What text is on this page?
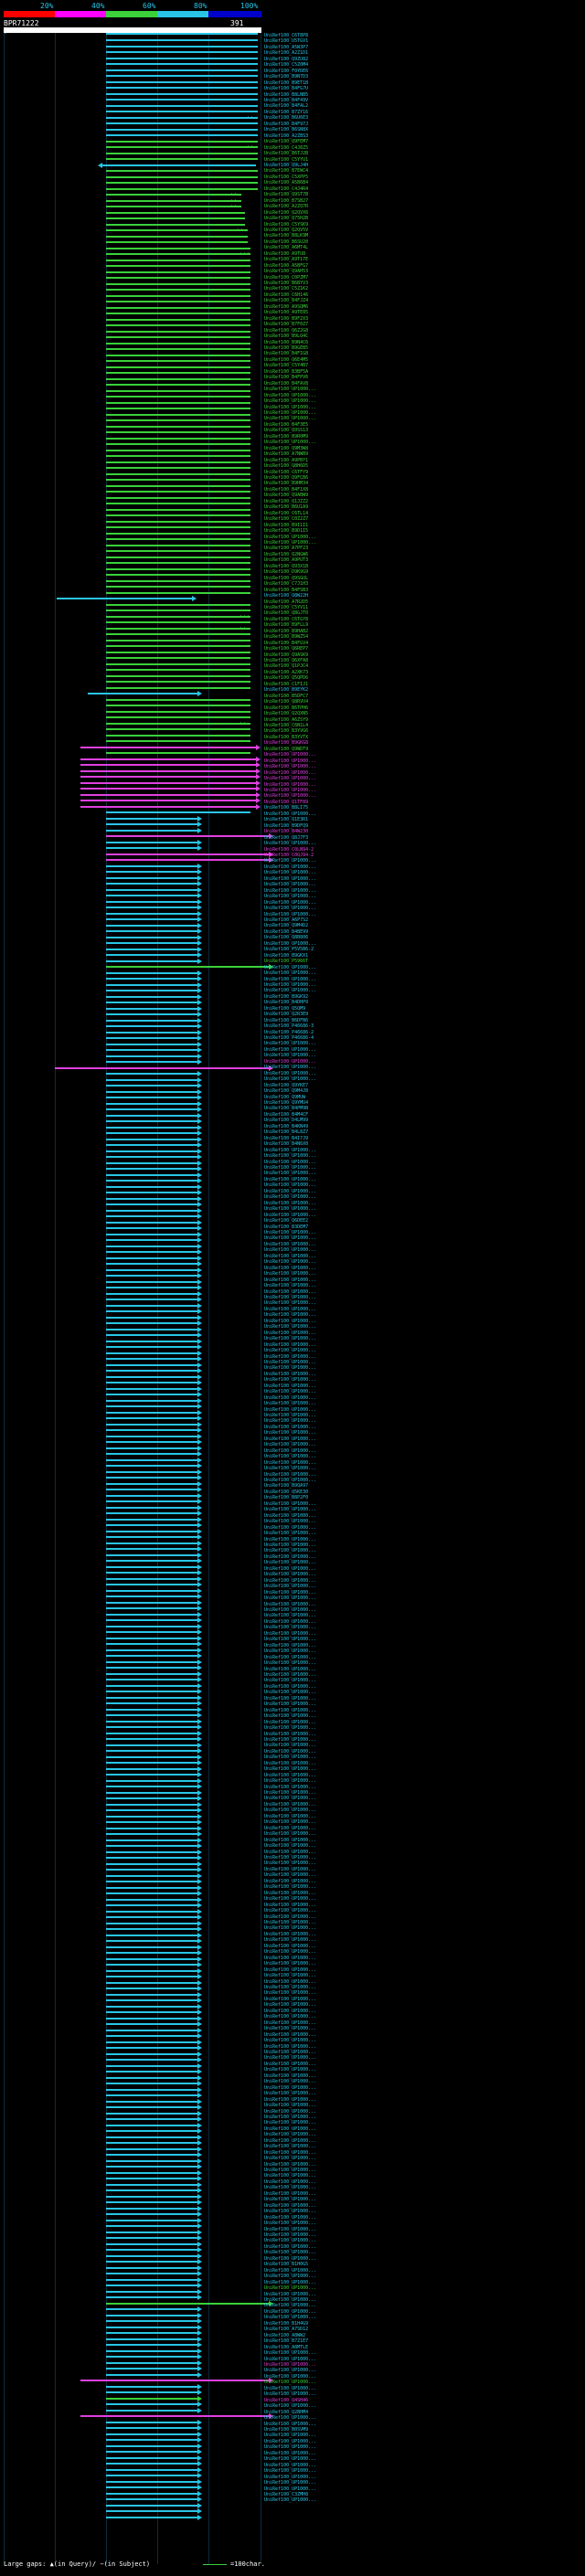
20%	40%	60%	80%	100%
BPR71222	391
::
::
::
::
::
::
:::
:::
::
::
UniRef100_C6T8P8
UniRef100_U5TGV1
UniRef100_A5W3P7
UniRef100_A2Z1D1
UniRef100_Q9ZU82
UniRef100_C5Z0M4
UniRef100_F0YDE6
UniRef100_B9N7D3
UniRef100_B9ET1B
UniRef100_B4FG7U
UniRef100_B8LNB5
UniRef100_B4F49V
UniRef100_B4FAL2
UniRef100_B7ZY16
UniRef100_B6U6E3
UniRef100_B4F97J
UniRef100_B6SN8X
UniRef100_A2ZBS3
UniRef100_Q9FEM7
UniRef100_C4J8Z5
UniRef100_B6TJ2B
UniRef100_C5YYU1
UniRef100_Q9LJ4H
UniRef100_B7EWC4
UniRef100_C5XPP5
UniRef100_A5B6B4
UniRef100_C4J4R4
UniRef100_Q9ST7B
UniRef100_B7SB27
UniRef100_A2ZQ7R
UniRef100_Q2QVX6
UniRef100_Q75H2B
UniRef100_C5YSK9
UniRef100_Q2QV5V
UniRef100_B8LK9M
UniRef100_B6SU20
UniRef100_A6MT4L
UniRef100_A9TU8
UniRef100_A9T17E
UniRef100_A5BFG7
UniRef100_Q9AH53
UniRef100_C0PZM7
UniRef100_B6BYV3
UniRef100_C5Z1K2
UniRef100_C6H146
UniRef100_B4FJZ4
UniRef100_A9SQM6
UniRef100_A9TE85
UniRef100_B9F2X3
UniRef100_B7F0Z7
UniRef100_Q6Z2G8
UniRef100_B9LQ4C
UniRef100_B9N4C6
UniRef100_B9GEB5
UniRef100_B4FIG8
UniRef100_Q6E4M5
UniRef100_C5Y4B7
UniRef100_B3BF5A
UniRef100_B4FPV6
UniRef100_B4FAV8
UniRef100_UP1000...
UniRef100_UP1000...
UniRef100_UP1000...
UniRef100_UP1000...
UniRef100_UP1000...
UniRef100_UP1000...
UniRef100_B4F3E5
UniRef100_Q9SS13
UniRef100_B9R0M9
UniRef100_UP1000...
UniRef100_Q9M3W8
UniRef100_A7NWB9
UniRef100_A9PBY1
UniRef100_Q8H6D5
UniRef100_C6TFY9
UniRef100_Q9FCB6
UniRef100_B9HM34
UniRef100_B4F1X8
UniRef100_Q9ABW9
UniRef100_Q1JZZ2
UniRef100_B6U1A9
UniRef100_C6TL14
UniRef100_C0Z2Z7
UniRef100_B9I1I1
UniRef100_B9D1I5
UniRef100_UP1000...
UniRef100_UP1000...
UniRef100_A7PF23
UniRef100_Q2NGW6
UniRef100_A9PUT3
UniRef100_Q93X1B
UniRef100_D9K9G9
UniRef100_Q9SGUL
UniRef100_C7J1H3
UniRef100_B4FSB3
UniRef100_Q8W22H
UniRef100_A7R2D5
UniRef100_C5YV11
UniRef100_Q8GJT0
UniRef100_C6TGY8
UniRef100_B9FLL9
UniRef100_B9HAB2
UniRef100_B9WZ54
UniRef100_B4FGV4
UniRef100_Q6REP7
UniRef100_Q9ASK9
UniRef100_Q6XFA8
UniRef100_Q1PJC4
UniRef100_A2XK73
UniRef100_Q5QPD6
UniRef100_C1FIJ1
UniRef100_B9EYK2
UniRef100_B5DFC7
UniRef100_Q8RVU4
UniRef100_B6TPH6
UniRef100_Q2QXN5
UniRef100_A6ZSY9
UniRef100_C6N1L4
UniRef100_B3YVG6
UniRef100_B3YVTX
UniRef100_B9GKG8
UniRef100_Q9WDT9
UniRef100_UP1000...
UniRef100_UP1000...
UniRef100_UP1000...
UniRef100_UP1000...
UniRef100_UP1000...
UniRef100_UP1000...
UniRef100_UP1000...
UniRef100_UP1000...
UniRef100_Q1TF89
UniRef100_B8LI75
UniRef100_UP1000...
UniRef100_Q1E3R1
UniRef100_B9DFQ9
UniRef100_B4W230
UniRef100_Q8J7F3
UniRef100_UP1000...
UniRef100_C0LN94-2
UniRef100_C0QJ94-2
UniRef100_UP1000...
UniRef100_UP1000...
UniRef100_UP1000...
UniRef100_UP1000...
UniRef100_UP1000...
UniRef100_UP1000...
UniRef100_UP1000...
UniRef100_UP1000...
UniRef100_UP1000...
UniRef100_UP1000...
UniRef100_A6P7S2
UniRef100_Q9M4D2
UniRef100_B4BE99
UniRef100_Q8B806
UniRef100_UP1000...
UniRef100_P5V5B6-2
UniRef100_B9GKX1
UniRef100_P5966T
UniRef100_UP1000...
UniRef100_UP1000...
UniRef100_UP1000...
UniRef100_UP1000...
UniRef100_UP1000...
UniRef100_B9GK92
UniRef100_B4DHP9
UniRef100_Q5QM9
UniRef100_Q2R3E9
UniRef100_B6DFB6
UniRef100_P46686-3
UniRef100_P46686-2
UniRef100_P46686-4
UniRef100_UP1000...
UniRef100_UP1000...
UniRef100_UP1000...
UniRef100_UP1000...
UniRef100_UP1000...
UniRef100_UP1000...
UniRef100_UP1000...
UniRef100_Q9YKE7
UniRef100_Q9M4J8
UniRef100_Q9MUW
UniRef100_Q9YMU4
UniRef100_B4PM9B
UniRef100_B4M4CF
UniRef100_D4LM99
UniRef100_B4KN49
UniRef100_B4L8Z7
UniRef100_B4I7J9
UniRef100_B4N6X0
UniRef100_UP1000...
UniRef100_UP1000...
UniRef100_UP1000...
UniRef100_UP1000...
UniRef100_UP1000...
UniRef100_UP1000...
UniRef100_UP1000...
UniRef100_UP1000...
UniRef100_UP1000...
UniRef100_UP1000...
UniRef100_UP1000...
UniRef100_UP1000...
UniRef100_Q6DEE2
UniRef100_B3DEM7
UniRef100_UP1000...
UniRef100_UP1000...
UniRef100_UP1000...
UniRef100_UP1000...
UniRef100_UP1000...
UniRef100_UP1000...
UniRef100_UP1000...
UniRef100_UP1000...
UniRef100_UP1000...
UniRef100_UP1000...
UniRef100_UP1000...
UniRef100_UP1000...
UniRef100_UP1000...
UniRef100_UP1000...
UniRef100_UP1000...
UniRef100_UP1000...
UniRef100_UP1000...
UniRef100_UP1000...
UniRef100_UP1000...
UniRef100_UP1000...
UniRef100_UP1000...
UniRef100_UP1000...
UniRef100_UP1000...
UniRef100_UP1000...
UniRef100_UP1000...
UniRef100_UP1000...
UniRef100_UP1000...
UniRef100_UP1000...
UniRef100_UP1000...
UniRef100_UP1000...
UniRef100_UP1000...
UniRef100_UP1000...
UniRef100_UP1000...
UniRef100_UP1000...
UniRef100_UP1000...
UniRef100_UP1000...
UniRef100_UP1000...
UniRef100_UP1000...
UniRef100_UP1000...
UniRef100_UP1000...
UniRef100_UP1000...
UniRef100_UP1000...
UniRef100_UP1000...
UniRef100_B9QA97
UniRef100_Q5KE30
UniRef100_B8P2F0
UniRef100_UP1000...
UniRef100_UP1000...
UniRef100_UP1000...
UniRef100_UP1000...
UniRef100_UP1000...
UniRef100_UP1000...
UniRef100_UP1000...
UniRef100_UP1000...
UniRef100_UP1000...
UniRef100_UP1000...
UniRef100_UP1000...
UniRef100_UP1000...
UniRef100_UP1000...
UniRef100_UP1000...
UniRef100_UP1000...
UniRef100_UP1000...
UniRef100_UP1000...
UniRef100_UP1000...
UniRef100_UP1000...
UniRef100_UP1000...
UniRef100_UP1000...
UniRef100_UP1000...
UniRef100_UP1000...
UniRef100_UP1000...
UniRef100_UP1000...
UniRef100_UP1000...
UniRef100_UP1000...
UniRef100_UP1000...
UniRef100_UP1000...
UniRef100_UP1000...
UniRef100_UP1000...
UniRef100_UP1000...
UniRef100_UP1000...
UniRef100_UP1000...
UniRef100_UP1000...
UniRef100_UP1000...
UniRef100_UP1000...
UniRef100_UP1000...
UniRef100_UP1000...
UniRef100_UP1000...
UniRef100_UP1000...
UniRef100_UP1000...
UniRef100_UP1000...
UniRef100_UP1000...
UniRef100_UP1000...
UniRef100_UP1000...
UniRef100_UP1000...
UniRef100_UP1000...
UniRef100_UP1000...
UniRef100_UP1000...
UniRef100_UP1000...
UniRef100_UP1000...
UniRef100_UP1000...
UniRef100_UP1000...
UniRef100_UP1000...
UniRef100_UP1000...
UniRef100_UP1000...
UniRef100_UP1000...
UniRef100_UP1000...
UniRef100_UP1000...
UniRef100_UP1000...
UniRef100_UP1000...
UniRef100_UP1000...
UniRef100_UP1000...
UniRef100_UP1000...
UniRef100_UP1000...
UniRef100_UP1000...
UniRef100_UP1000...
UniRef100_UP1000...
UniRef100_UP1000...
UniRef100_UP1000...
UniRef100_UP1000...
UniRef100_UP1000...
UniRef100_UP1000...
UniRef100_UP1000...
UniRef100_UP1000...
UniRef100_UP1000...
UniRef100_UP1000...
UniRef100_UP1000...
UniRef100_UP1000...
UniRef100_UP1000...
UniRef100_UP1000...
UniRef100_UP1000...
UniRef100_UP1000...
UniRef100_UP1000...
UniRef100_UP1000...
UniRef100_UP1000...
UniRef100_UP1000...
UniRef100_UP1000...
UniRef100_UP1000...
UniRef100_UP1000...
UniRef100_UP1000...
UniRef100_UP1000...
UniRef100_UP1000...
UniRef100_UP1000...
UniRef100_UP1000...
UniRef100_UP1000...
UniRef100_UP1000...
UniRef100_UP1000...
UniRef100_UP1000...
UniRef100_UP1000...
UniRef100_UP1000...
UniRef100_UP1000...
UniRef100_UP1000...
UniRef100_UP1000...
UniRef100_UP1000...
UniRef100_UP1000...
UniRef100_UP1000...
UniRef100_UP1000...
UniRef100_UP1000...
UniRef100_UP1000...
UniRef100_UP1000...
UniRef100_UP1000...
UniRef100_UP1000...
UniRef100_UP1000...
UniRef100_UP1000...
UniRef100_UP1000...
UniRef100_UP1000...
UniRef100_UP1000...
UniRef100_UP1000...
UniRef100_UP1000...
UniRef100_UP1000...
UniRef100_UP1000...
UniRef100_UP1000...
UniRef100_UP1000...
UniRef100_UP1000...
UniRef100_UP1000...
UniRef100_UP1000...
UniRef100_UP1000...
UniRef100_B1H0G5
UniRef100_UP1000...
UniRef100_UP1000...
UniRef100_UP1000...
UniRef100_UP1000...
UniRef100_UP1000...
UniRef100_UP1000...
UniRef100_UP1000...
UniRef100_UP1000...
UniRef100_UP1000...
UniRef100_B1H4G9
UniRef100_A7SD12
UniRef100_A8WW2
UniRef100_B7Z1E7
UniRef100_A8MTLE
UniRef100_UP1000...
UniRef100_UP1000...
UniRef100_UP1000...
UniRef100_UP1000...
UniRef100_UP1000...
UniRef100_UP1000...
UniRef100_UP1000...
UniRef100_UP1000...
UniRef100_Q4SH46
UniRef100_UP1000...
UniRef100_Q2BHM4
UniRef100_UP1000...
UniRef100_UP1000...
UniRef100_B0SVM9
UniRef100_UP1000...
UniRef100_UP1000...
UniRef100_UP1000...
UniRef100_UP1000...
UniRef100_UP1000...
UniRef100_UP1000...
UniRef100_UP1000...
UniRef100_UP1000...
UniRef100_UP1000...
UniRef100_UP1000...
UniRef100_C3ZMH8
UniRef100_UP1000...
Large gaps: ▲(in Query)/ −(in Subject)	=100char.
